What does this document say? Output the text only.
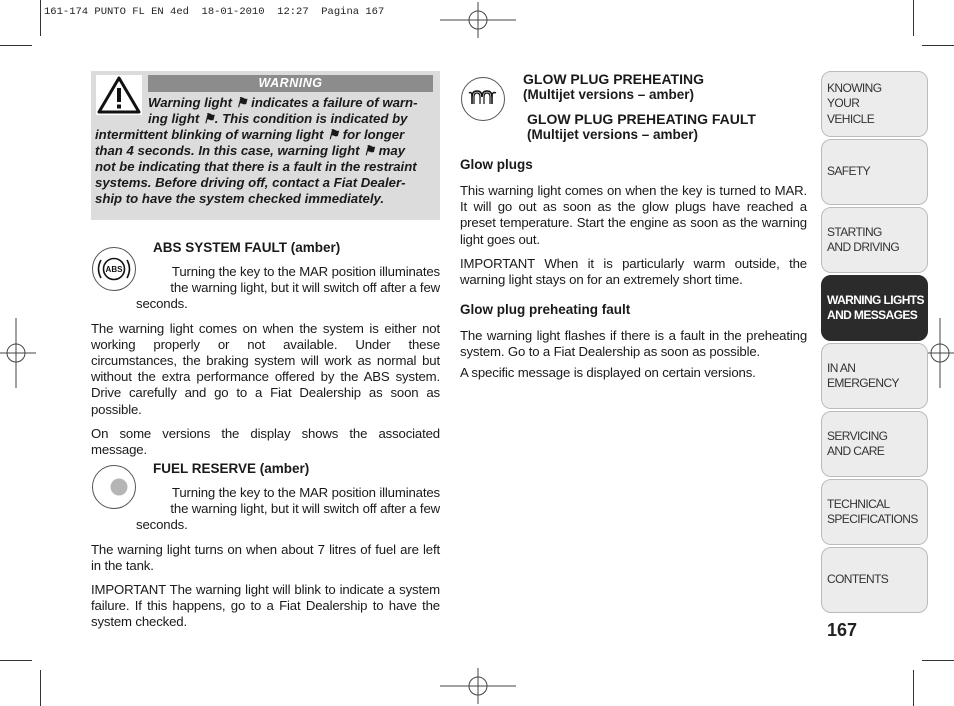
161-174 PUNTO FL EN 4ed  18-01-2010  12:27  Pagina 167
WARNING
Warning light ⚑ indicates a failure of warn-
ing light ⚑. This condition is indicated by
intermittent blinking of warning light ⚑ for longer
than 4 seconds. In this case, warning light ⚑ may
not be indicating that there is a fault in the restraint
systems. Before driving off, contact a Fiat Dealer-
ship to have the system checked immediately.
ABS
ABS SYSTEM FAULT (amber)

Turning the key to the MAR position illuminates
the warning light, but it will switch off after a few
seconds.

The warning light comes on when the system is either not working properly or not available. Under these circumstances, the braking system will work as normal but without the extra performance offered by the ABS system. Drive carefully and go to a Fiat Dealership as soon as possible.

On some versions the display shows the associated message.

FUEL RESERVE (amber)

Turning the key to the MAR position illuminates
the warning light, but it will switch off after a few
seconds.

The warning light turns on when about 7 litres of fuel are left in the tank.

IMPORTANT The warning light will blink to indicate a system failure. If this happens, go to a Fiat Dealership to have the system checked.

GLOW PLUG PREHEATING
(Multijet versions – amber)
GLOW PLUG PREHEATING FAULT
(Multijet versions – amber)
Glow plugs

This warning light comes on when the key is turned to MAR. It will go out as soon as the glow plugs have reached a preset temperature. Start the engine as soon as the warning light goes out.

IMPORTANT When it is particularly warm outside, the warning light stays on for an extremely short time.

Glow plug preheating fault

The warning light flashes if there is a fault in the preheating system. Go to a Fiat Dealership as soon as possible.

A specific message is displayed on certain versions.

KNOWING
YOUR
VEHICLE
SAFETY
STARTING
AND DRIVING
WARNING LIGHTS
AND MESSAGES
IN AN
EMERGENCY
SERVICING
AND CARE
TECHNICAL
SPECIFICATIONS
CONTENTS
167
